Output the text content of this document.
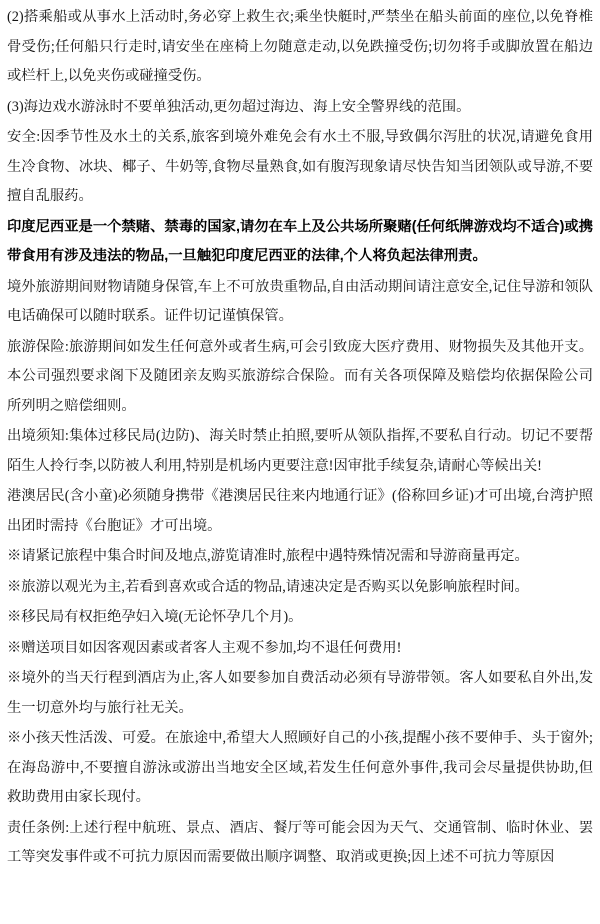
(2)搭乘船或从事水上活动时,务必穿上救生衣;乘坐快艇时,严禁坐在船头前面的座位,以免脊椎骨受伤;任何船只行走时,请安坐在座椅上勿随意走动,以免跌撞受伤;切勿将手或脚放置在船边或栏杆上,以免夹伤或碰撞受伤。

(3)海边戏水游泳时不要单独活动,更勿超过海边、海上安全警界线的范围。

安全:因季节性及水土的关系,旅客到境外难免会有水土不服,导致偶尔泻肚的状况,请避免食用生冷食物、冰块、椰子、牛奶等,食物尽量熟食,如有腹泻现象请尽快告知当团领队或导游,不要擅自乱服药。

印度尼西亚是一个禁赌、禁毒的国家,请勿在车上及公共场所聚赌(任何纸牌游戏均不适合)或携带食用有涉及违法的物品,一旦触犯印度尼西亚的法律,个人将负起法律刑责。

境外旅游期间财物请随身保管,车上不可放贵重物品,自由活动期间请注意安全,记住导游和领队电话确保可以随时联系。证件切记谨慎保管。

旅游保险:旅游期间如发生任何意外或者生病,可会引致庞大医疗费用、财物损失及其他开支。本公司强烈要求阁下及随团亲友购买旅游综合保险。而有关各项保障及赔偿均依据保险公司所列明之赔偿细则。

出境须知:集体过移民局(边防)、海关时禁止拍照,要听从领队指挥,不要私自行动。切记不要帮陌生人拎行李,以防被人利用,特别是机场内更要注意!因审批手续复杂,请耐心等候出关!

港澳居民(含小童)必须随身携带《港澳居民往来内地通行证》(俗称回乡证)才可出境,台湾护照出团时需持《台胞证》才可出境。

※请紧记旅程中集合时间及地点,游览请准时,旅程中遇特殊情况需和导游商量再定。

※旅游以观光为主,若看到喜欢或合适的物品,请速决定是否购买以免影响旅程时间。

※移民局有权拒绝孕妇入境(无论怀孕几个月)。

※赠送项目如因客观因素或者客人主观不参加,均不退任何费用!

※境外的当天行程到酒店为止,客人如要参加自费活动必须有导游带领。客人如要私自外出,发生一切意外均与旅行社无关。

※小孩天性活泼、可爱。在旅途中,希望大人照顾好自己的小孩,提醒小孩不要伸手、头于窗外;在海岛游中,不要擅自游泳或游出当地安全区域,若发生任何意外事件,我司会尽量提供协助,但救助费用由家长现付。

责任条例:上述行程中航班、景点、酒店、餐厅等可能会因为天气、交通管制、临时休业、罢工等突发事件或不可抗力原因而需要做出顺序调整、取消或更换;因上述不可抗力等原因
